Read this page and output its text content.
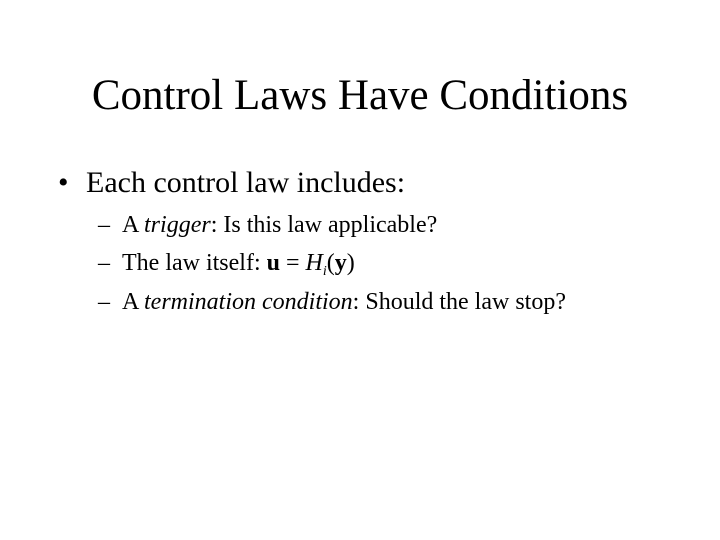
Control Laws Have Conditions
• Each control law includes:
– A trigger: Is this law applicable?
– The law itself: $u = H_i(y)$
– A termination condition: Should the law stop?
